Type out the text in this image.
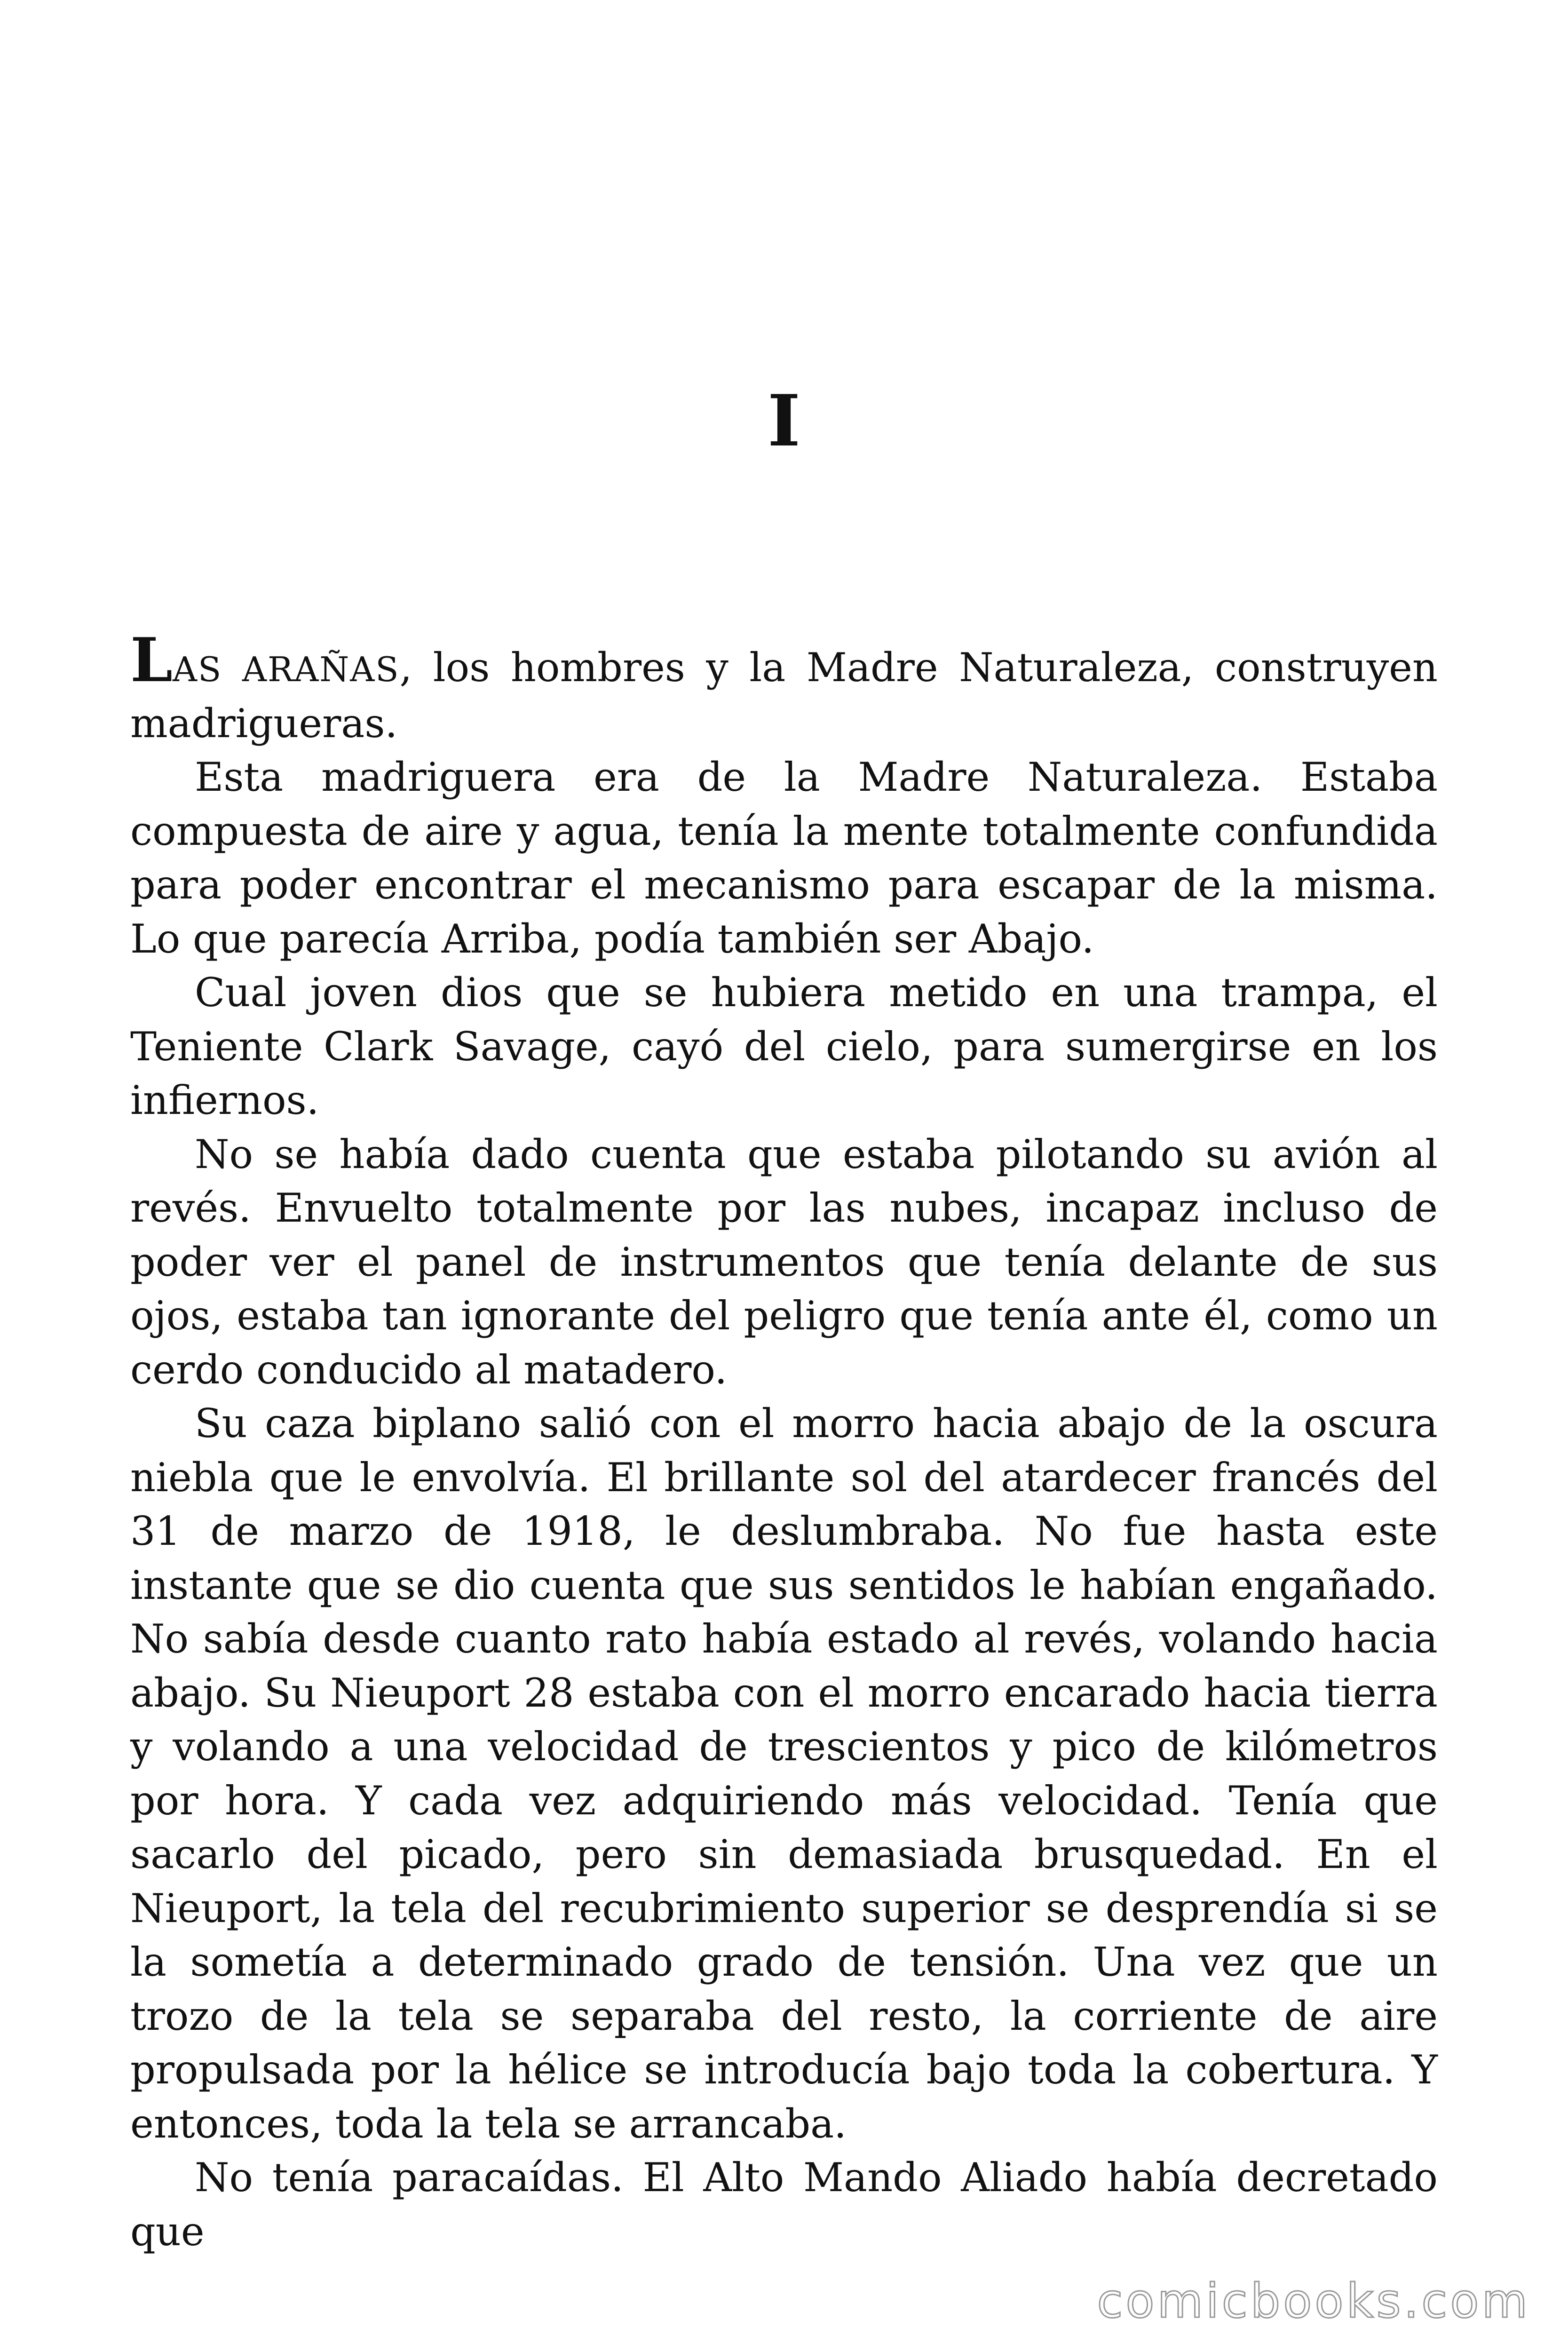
I

LAS ARAÑAS, los hombres y la Madre Naturaleza, construyen madrigueras.

Esta madriguera era de la Madre Naturaleza. Estaba compuesta de aire y agua, tenía la mente totalmente confundida para poder encontrar el mecanismo para escapar de la misma. Lo que parecía Arriba, podía también ser Abajo.

Cual joven dios que se hubiera metido en una trampa, el Teniente Clark Savage, cayó del cielo, para sumergirse en los infiernos.

No se había dado cuenta que estaba pilotando su avión al revés. Envuelto totalmente por las nubes, incapaz incluso de poder ver el panel de instrumentos que tenía delante de sus ojos, estaba tan ignorante del peligro que tenía ante él, como un cerdo conducido al matadero.

Su caza biplano salió con el morro hacia abajo de la oscura niebla que le envolvía. El brillante sol del atardecer francés del 31 de marzo de 1918, le deslumbraba. No fue hasta este instante que se dio cuenta que sus sentidos le habían engañado. No sabía desde cuanto rato había estado al revés, volando hacia abajo. Su Nieuport 28 estaba con el morro encarado hacia tierra y volando a una velocidad de trescientos y pico de kilómetros por hora. Y cada vez adquiriendo más velocidad. Tenía que sacarlo del picado, pero sin demasiada brusquedad. En el Nieuport, la tela del recubrimiento superior se desprendía si se la sometía a determinado grado de tensión. Una vez que un trozo de la tela se separaba del resto, la corriente de aire propulsada por la hélice se introducía bajo toda la cobertura. Y entonces, toda la tela se arrancaba.

No tenía paracaídas. El Alto Mando Aliado había decretado que

comicbooks.com
